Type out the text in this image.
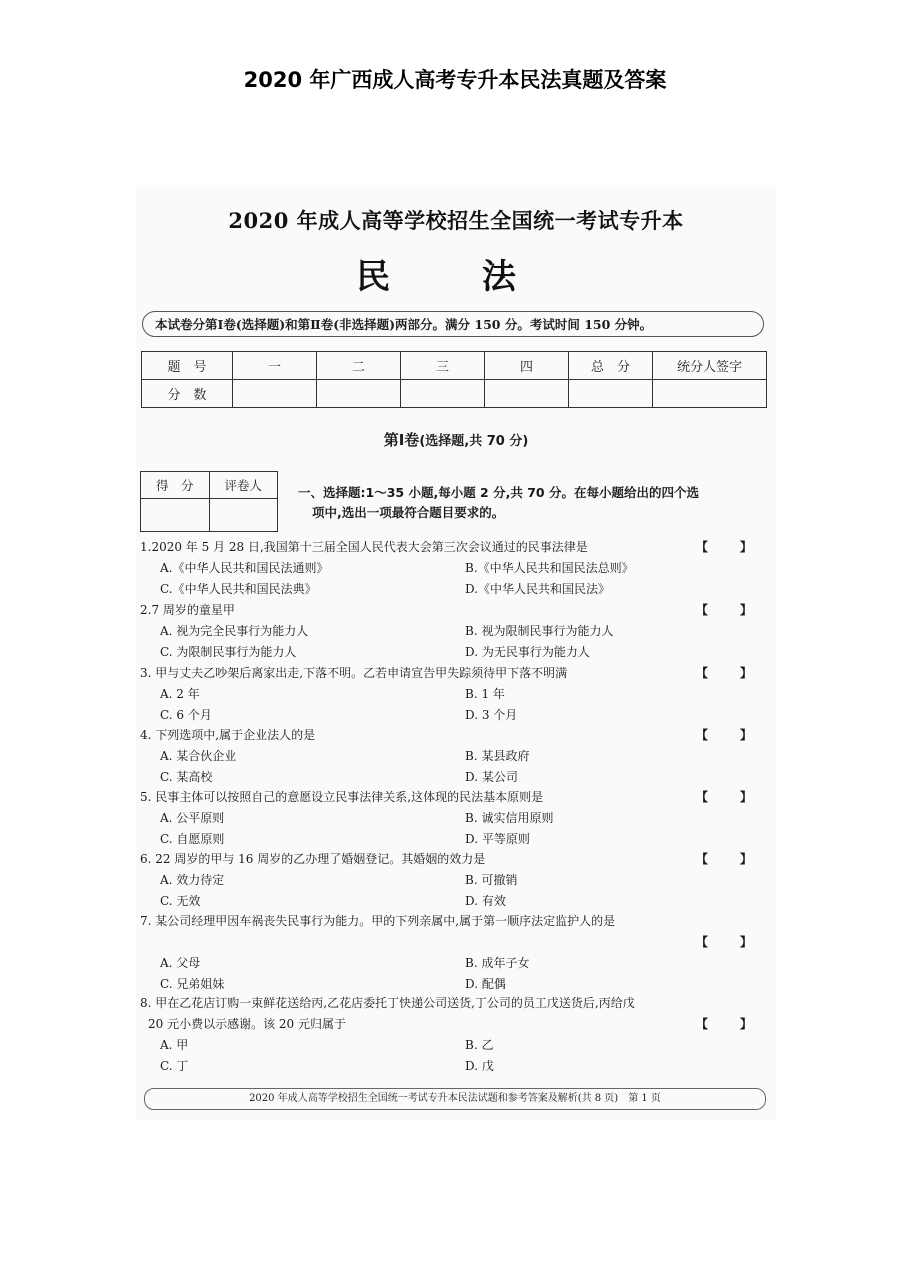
2020 年广西成人高考专升本民法真题及答案
2020 年成人高等学校招生全国统一考试专升本
民 法
本试卷分第Ⅰ卷(选择题)和第Ⅱ卷(非选择题)两部分。满分 150 分。考试时间 150 分钟。
题　号	一	二	三	四	总　分	统分人签字
分　数						
第Ⅰ卷(选择题,共 70 分)
得　分	评卷人
		一、选择题:1～35 小题,每小题 2 分,共 70 分。在每小题给出的四个选
项中,选出一项最符合题目要求的。
1.2020 年 5 月 28 日,我国第十三届全国人民代表大会第三次会议通过的民事法律是	【 】
A.《中华人民共和国民法通则》	B.《中华人民共和国民法总则》
C.《中华人民共和国民法典》	D.《中华人民共和国民法》
2.7 周岁的童星甲	【 】
A. 视为完全民事行为能力人	B. 视为限制民事行为能力人
C. 为限制民事行为能力人	D. 为无民事行为能力人
3. 甲与丈夫乙吵架后离家出走,下落不明。乙若申请宣告甲失踪须待甲下落不明满	【 】
A. 2 年	B. 1 年
C. 6 个月	D. 3 个月
4. 下列选项中,属于企业法人的是	【 】
A. 某合伙企业	B. 某县政府
C. 某高校	D. 某公司
5. 民事主体可以按照自己的意愿设立民事法律关系,这体现的民法基本原则是	【 】
A. 公平原则	B. 诚实信用原则
C. 自愿原则	D. 平等原则
6. 22 周岁的甲与 16 周岁的乙办理了婚姻登记。其婚姻的效力是	【 】
A. 效力待定	B. 可撤销
C. 无效	D. 有效
7. 某公司经理甲因车祸丧失民事行为能力。甲的下列亲属中,属于第一顺序法定监护人的是
【 】
A. 父母	B. 成年子女
C. 兄弟姐妹	D. 配偶
8. 甲在乙花店订购一束鲜花送给丙,乙花店委托丁快递公司送货,丁公司的员工戊送货后,丙给戊
20 元小费以示感谢。该 20 元归属于	【 】
A. 甲	B. 乙
C. 丁	D. 戊
2020 年成人高等学校招生全国统一考试专升本民法试题和参考答案及解析(共 8 页)　第 1 页
